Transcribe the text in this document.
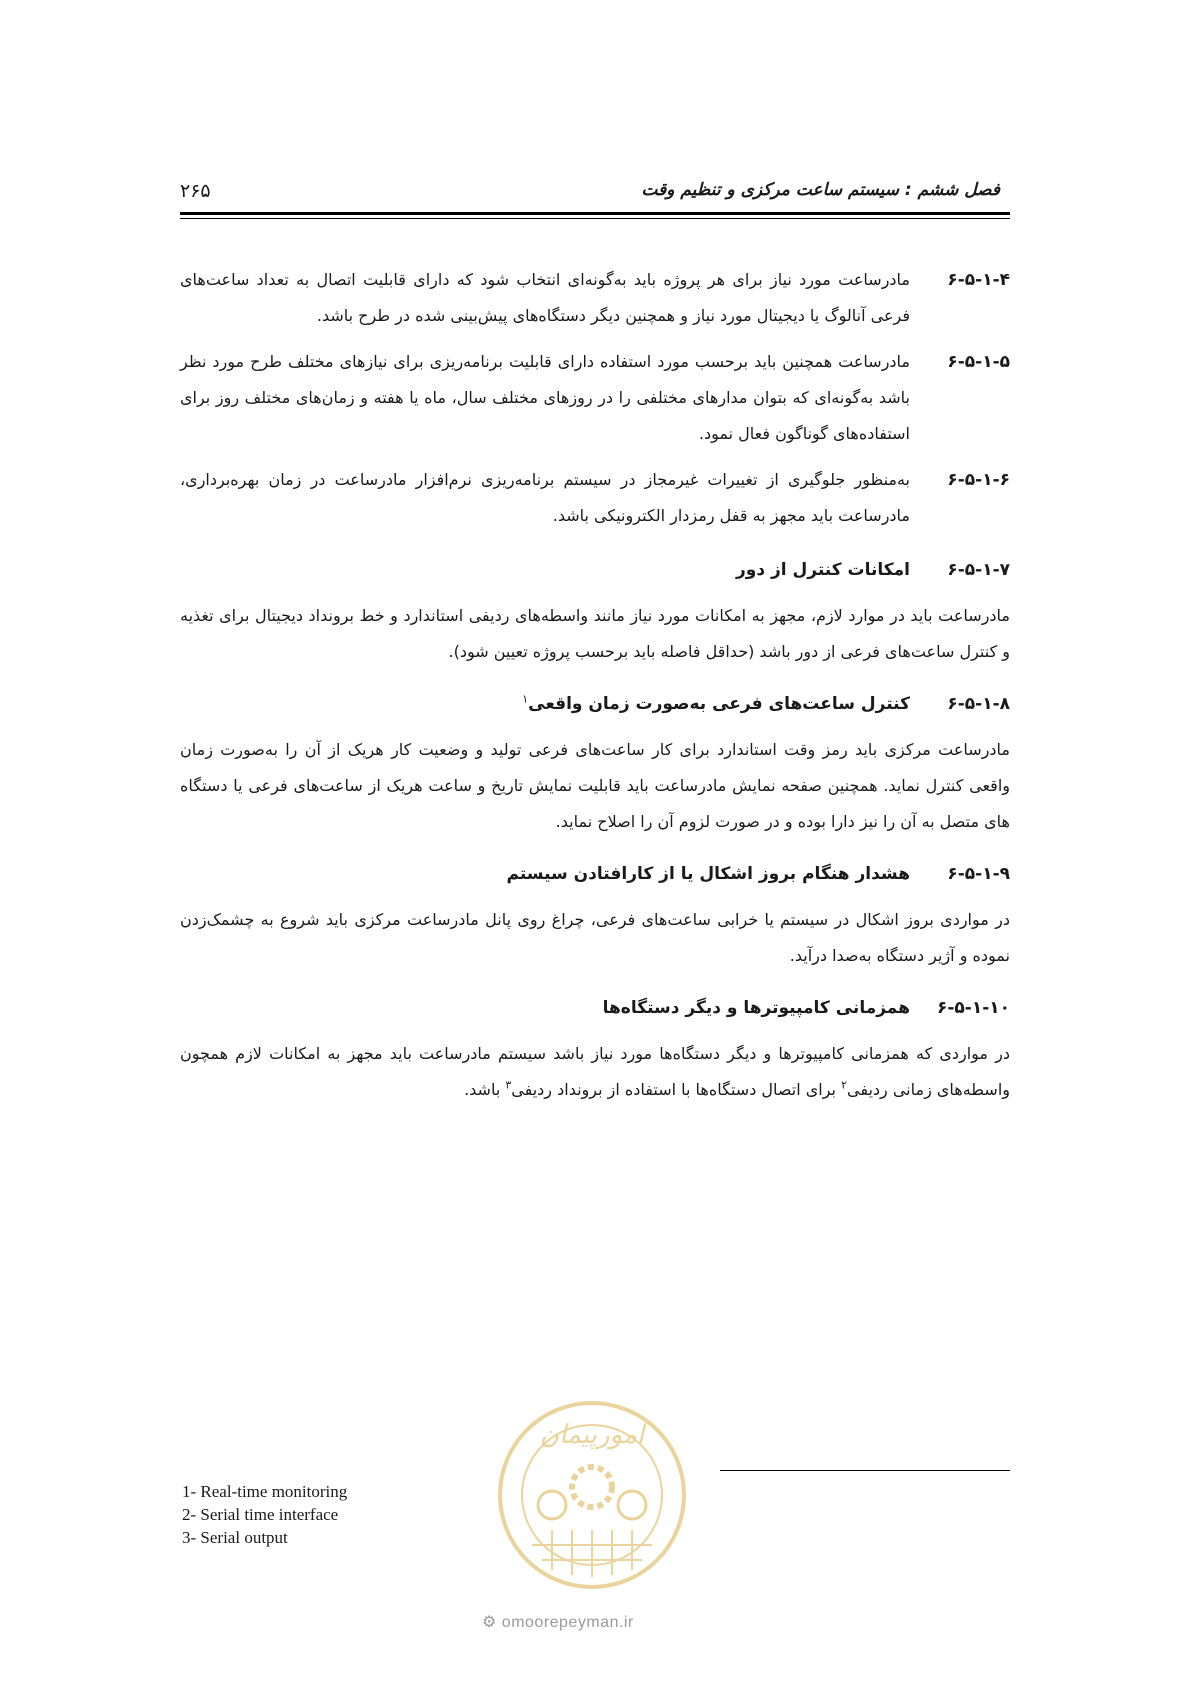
فصل ششم : سیستم ساعت مرکزی و تنظیم وقت
۲۶۵
۶-۵-۱-۴
مادرساعت مورد نیاز برای هر پروژه باید به‌گونه‌ای انتخاب شود که دارای قابلیت اتصال به تعداد ساعت‌های فرعی آنالوگ یا دیجیتال مورد نیاز و همچنین دیگر دستگاه‌های پیش‌بینی شده در طرح باشد.
۶-۵-۱-۵
مادرساعت همچنین باید برحسب مورد استفاده دارای قابلیت برنامه‌ریزی برای نیازهای مختلف طرح مورد نظر باشد به‌گونه‌ای که بتوان مدارهای مختلفی را در روزهای مختلف سال، ماه یا هفته و زمان‌های مختلف روز برای استفاده‌های گوناگون فعال نمود.
۶-۵-۱-۶
به‌منظور جلوگیری از تغییرات غیرمجاز در سیستم برنامه‌ریزی نرم‌افزار مادرساعت در زمان بهره‌برداری، مادرساعت باید مجهز به قفل رمزدار الکترونیکی باشد.
۶-۵-۱-۷
امکانات کنترل از دور
مادرساعت باید در موارد لازم، مجهز به امکانات مورد نیاز مانند واسطه‌های ردیفی استاندارد و خط برونداد دیجیتال برای تغذیه و کنترل ساعت‌های فرعی از دور باشد (حداقل فاصله باید برحسب پروژه تعیین شود).
۶-۵-۱-۸
کنترل ساعت‌های فرعی به‌صورت زمان واقعی$^۱$
مادرساعت مرکزی باید رمز وقت استاندارد برای کار ساعت‌های فرعی تولید و وضعیت کار هریک از آن را به‌صورت زمان واقعی کنترل نماید. همچنین صفحه نمایش مادرساعت باید قابلیت نمایش تاریخ و ساعت هریک از ساعت‌های فرعی یا دستگاه های متصل به آن را نیز دارا بوده و در صورت لزوم آن را اصلاح نماید.
۶-۵-۱-۹
هشدار هنگام بروز اشکال یا از کارافتادن سیستم
در مواردی بروز اشکال در سیستم یا خرابی ساعت‌های فرعی، چراغ روی پانل مادرساعت مرکزی باید شروع به چشمک‌زدن نموده و آژیر دستگاه به‌صدا درآید.
۶-۵-۱-۱۰
همزمانی کامپیوترها و دیگر دستگاه‌ها
در مواردی که همزمانی کامپیوترها و دیگر دستگاه‌ها مورد نیاز باشد سیستم مادرساعت باید مجهز به امکانات لازم همچون واسطه‌های زمانی ردیفی$^۲$ برای اتصال دستگاه‌ها با استفاده از برونداد ردیفی$^۳$ باشد.
امورپیمان
⚙ omoorepeyman.ir
1- Real-time monitoring
2- Serial time interface
3- Serial output
